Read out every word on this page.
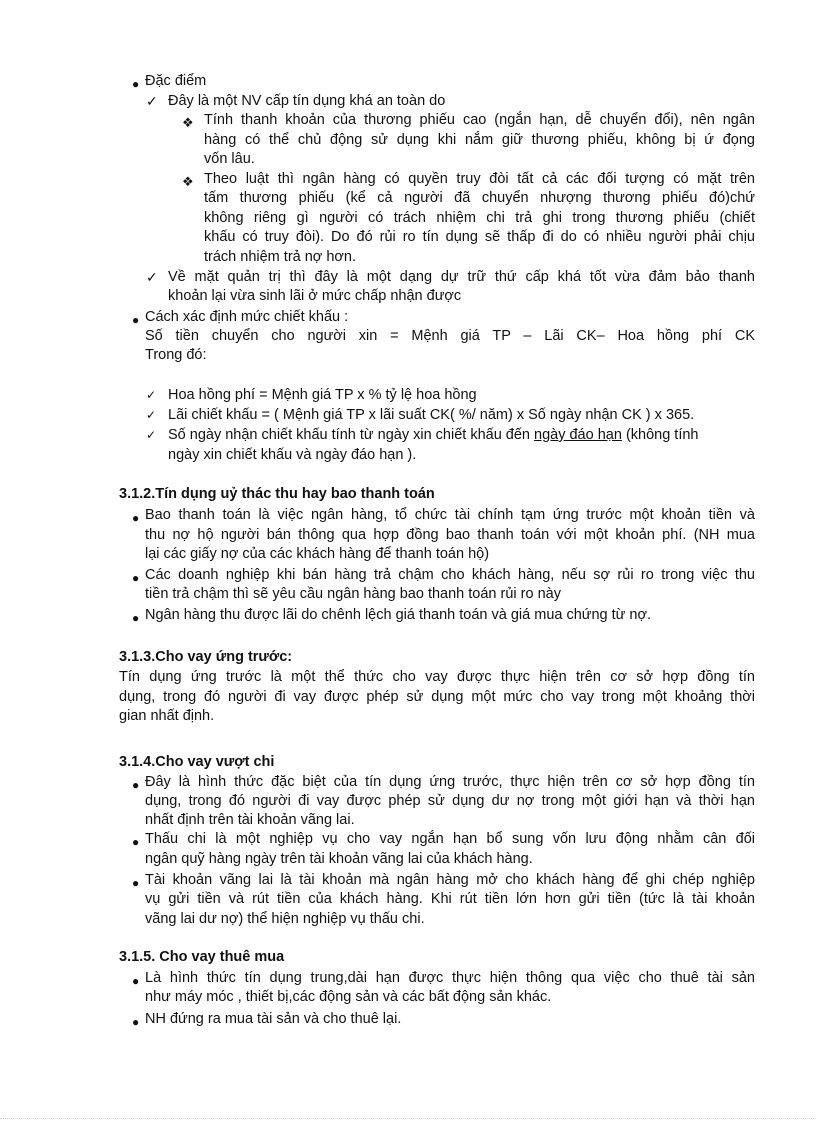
● Đặc điểm
✓ Đây là một NV cấp tín dụng khá an toàn do
❖ Tính thanh khoản của thương phiếu cao (ngắn hạn, dễ chuyển đổi), nên ngân
hàng có thể chủ động sử dụng khi nắm giữ thương phiếu, không bị ứ đọng
vốn lâu.
❖ Theo luật thì ngân hàng có quyền truy đòi tất cả các đối tượng có mặt trên
tấm thương phiếu (kể cả người đã chuyển nhượng thương phiếu đó)chứ
không riêng gì người có trách nhiệm chi trả ghi trong thương phiếu (chiết
khấu có truy đòi). Do đó rủi ro tín dụng sẽ thấp đi do có nhiều người phải chịu
trách nhiệm trả nợ hơn.
✓ Về mặt quản trị thì đây là một dạng dự trữ thứ cấp khá tốt vừa đảm bảo thanh
khoản lại vừa sinh lãi ở mức chấp nhận được
● Cách xác định mức chiết khấu :
Số tiền chuyển cho người xin = Mệnh giá TP – Lãi CK– Hoa hồng phí CK
Trong đó:
✓ Hoa hồng phí = Mệnh giá TP x % tỷ lệ hoa hồng
✓ Lãi chiết khấu = ( Mệnh giá TP x lãi suất CK( %/ năm) x Số ngày nhận CK ) x 365.
✓ Số ngày nhận chiết khấu tính từ ngày xin chiết khấu đến ngày đáo hạn (không tính
ngày xin chiết khấu và ngày đáo hạn ).
3.1.2.Tín dụng uỷ thác thu hay bao thanh toán
● Bao thanh toán là việc ngân hàng, tổ chức tài chính tạm ứng trước một khoản tiền và
thu nợ hộ người bán thông qua hợp đồng bao thanh toán với một khoản phí. (NH mua
lại các giấy nợ của các khách hàng để thanh toán hộ)
● Các doanh nghiệp khi bán hàng trả chậm cho khách hàng, nếu sợ rủi ro trong việc thu
tiền trả chậm thì sẽ yêu cầu ngân hàng bao thanh toán rủi ro này
● Ngân hàng thu được lãi do chênh lệch giá thanh toán và giá mua chứng từ nợ.
3.1.3.Cho vay ứng trước:
Tín dụng ứng trước là một thể thức cho vay được thực hiện trên cơ sở hợp đồng tín
dụng, trong đó người đi vay được phép sử dụng một mức cho vay trong một khoảng thời
gian nhất định.
3.1.4.Cho vay vượt chi
● Đây là hình thức đặc biệt của tín dụng ứng trước, thực hiện trên cơ sở hợp đồng tín
dụng, trong đó người đi vay được phép sử dụng dư nợ trong một giới hạn và thời hạn
nhất định trên tài khoản vãng lai.
● Thấu chi là một nghiệp vụ cho vay ngắn hạn bổ sung vốn lưu động nhằm cân đối
ngân quỹ hàng ngày trên tài khoản vãng lai của khách hàng.
● Tài khoản vãng lai là tài khoản mà ngân hàng mở cho khách hàng để ghi chép nghiệp
vụ gửi tiền và rút tiền của khách hàng. Khi rút tiền lớn hơn gửi tiền (tức là tài khoản
vãng lai dư nợ) thể hiện nghiệp vụ thấu chi.
3.1.5. Cho vay thuê mua
● Là hình thức tín dụng trung,dài hạn được thực hiện thông qua việc cho thuê tài sản
như máy móc , thiết bị,các động sản và các bất động sản khác.
● NH đứng ra mua tài sản và cho thuê lại.
